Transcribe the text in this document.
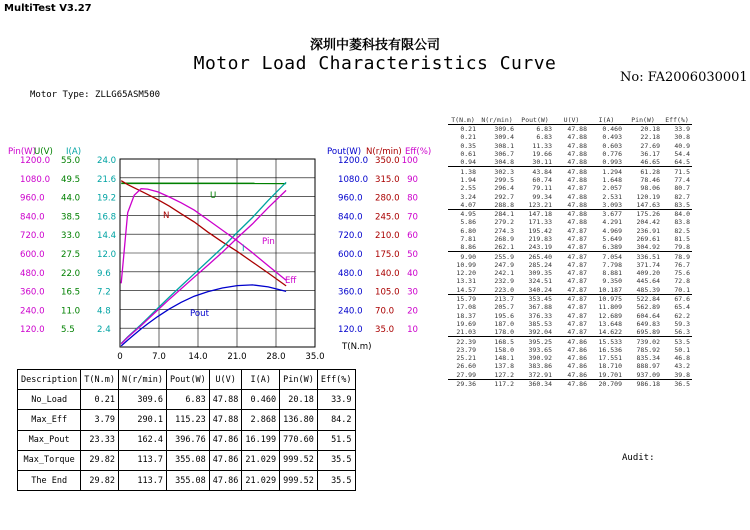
MultiTest V3.27
深圳中菱科技有限公司
Motor Load Characteristics Curve
No: FA2006030001
Motor Type: ZLLG65ASM500
1200.0 55.0 24.0	1200.0 350.0 100
1080.0 49.5 21.6	1080.0 315.0 90
960.0 44.0 19.2	960.0 280.0 80
840.0 38.5 16.8	840.0 245.0 70
720.0 33.0 14.4	720.0 210.0 60
600.0 27.5 12.0	600.0 175.0 50
480.0 22.0 9.6	480.0 140.0 40
360.0 16.5 7.2	360.0 105.0 30
240.0 11.0 4.8	240.0 70.0 20
120.0 5.5	2.4	120.0 35.0 10
Pin(W)
U(V) I(A)	Pout(W) N(r/min) Eff(%)
0	7.0	14.0 21.0 28.0 35.0
T(N.m)
U
N
Pin
Eff
I
Pout
Description	T(N.m)	N(r/min)	Pout(W)	U(V)	I(A)	Pin(W)	Eff(%)
No_Load	0.21	309.6	6.83	47.88	0.460	20.18	33.9
Max_Eff	3.79	290.1	115.23	47.88	2.868	136.80	84.2
Max_Pout	23.33	162.4	396.76	47.86	16.199	770.60	51.5
Max_Torque	29.82	113.7	355.08	47.86	21.029	999.52	35.5
The End	29.82	113.7	355.08	47.86	21.029	999.52	35.5
T(N.m)	N(r/min)	Pout(W)	U(V)	I(A)	Pin(W)	Eff(%)
0.21	309.6	6.83	47.88	0.460	20.18	33.9
0.21	309.4	6.83	47.88	0.493	22.18	30.8
0.35	308.1	11.33	47.88	0.603	27.69	40.9
0.61	306.7	19.66	47.88	0.776	36.17	54.4
0.94	304.8	30.11	47.88	0.993	46.65	64.5
1.38	302.3	43.84	47.88	1.294	61.28	71.5
1.94	299.5	60.74	47.88	1.648	78.46	77.4
2.55	296.4	79.11	47.87	2.057	98.06	80.7
3.24	292.7	99.34	47.88	2.531	120.19	82.7
4.07	288.8	123.21	47.88	3.093	147.63	83.5
4.95	284.1	147.18	47.88	3.677	175.26	84.0
5.86	279.2	171.33	47.88	4.291	204.42	83.8
6.80	274.3	195.42	47.87	4.969	236.91	82.5
7.81	268.9	219.83	47.87	5.649	269.61	81.5
8.86	262.1	243.19	47.87	6.389	304.92	79.8
9.90	255.9	265.40	47.87	7.054	336.51	78.9
10.99	247.9	285.24	47.87	7.798	371.74	76.7
12.20	242.1	309.35	47.87	8.881	409.20	75.6
13.31	232.9	324.51	47.87	9.350	445.64	72.8
14.57	223.0	340.24	47.87	10.187	485.39	70.1
15.79	213.7	353.45	47.87	10.975	522.84	67.6
17.08	205.7	367.88	47.87	11.809	562.89	65.4
18.37	195.6	376.33	47.87	12.689	604.64	62.2
19.69	187.0	385.53	47.87	13.648	649.83	59.3
21.03	178.0	392.04	47.87	14.622	695.89	56.3
22.39	168.5	395.25	47.86	15.533	739.02	53.5
23.79	158.0	393.65	47.86	16.536	785.92	50.1
25.21	148.1	390.92	47.86	17.551	835.34	46.8
26.60	137.8	383.86	47.86	18.710	888.97	43.2
27.99	127.2	372.91	47.86	19.701	937.09	39.8
29.36	117.2	360.34	47.86	20.709	986.18	36.5
Audit:
